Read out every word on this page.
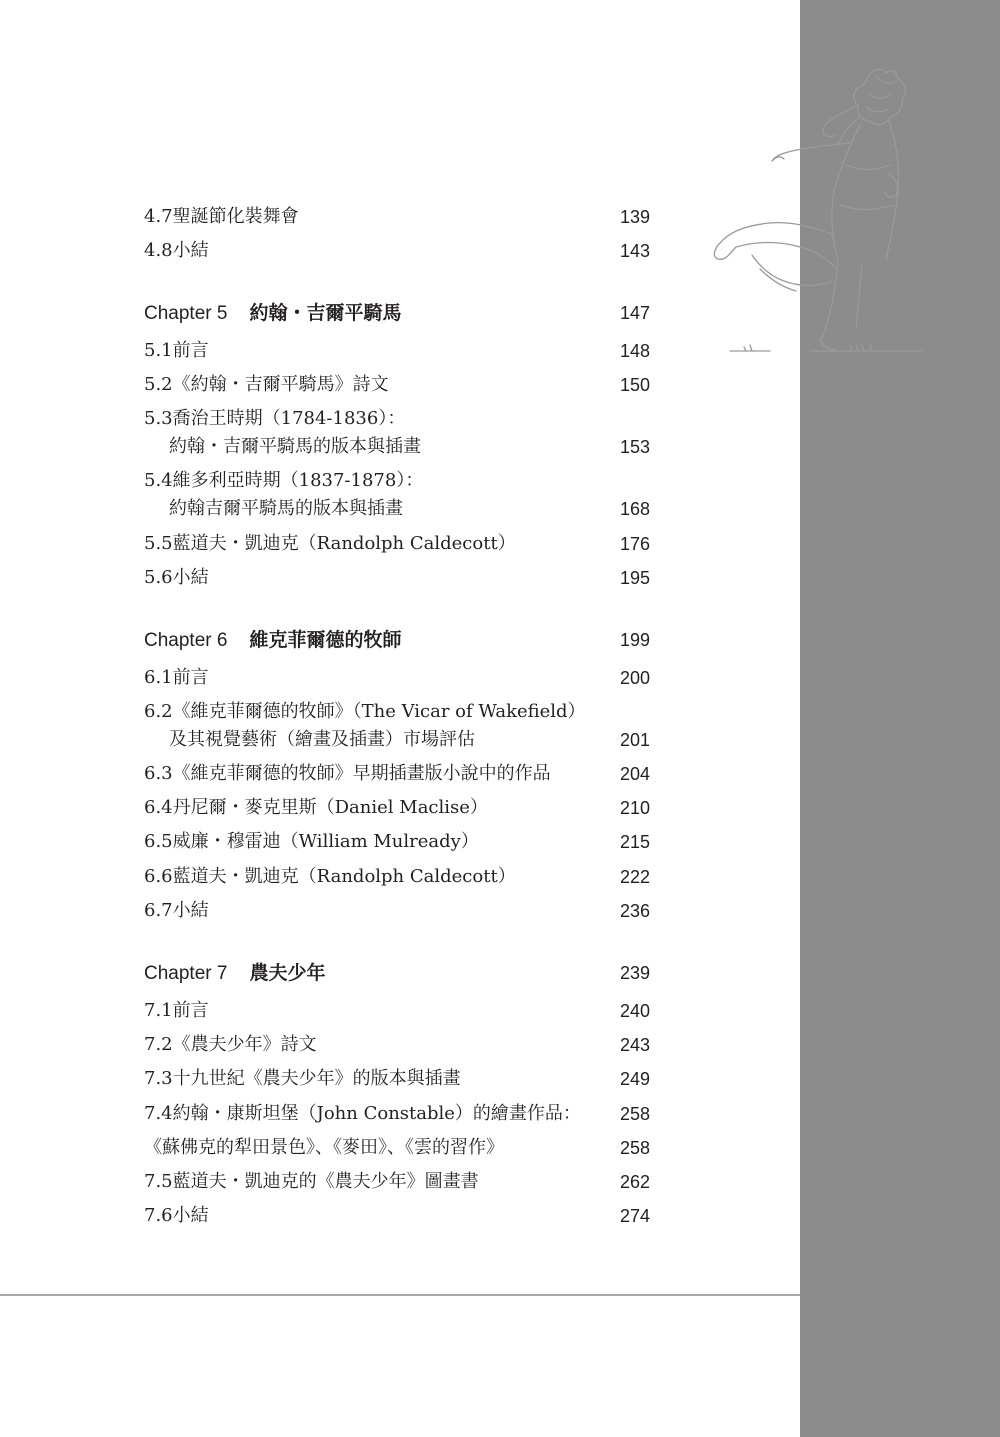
4.7聖誕節化裝舞會	139
4.8小結	143
Chapter 5 約翰・吉爾平騎馬	147
5.1前言	148
5.2《約翰・吉爾平騎馬》詩文	150
5.3喬治王時期（1784-1836）：
約翰・吉爾平騎馬的版本與插畫	153
5.4維多利亞時期（1837-1878）：
約翰吉爾平騎馬的版本與插畫	168
5.5藍道夫・凱迪克（Randolph Caldecott）	176
5.6小結	195
Chapter 6 維克菲爾德的牧師	199
6.1前言	200
6.2《維克菲爾德的牧師》（The Vicar of Wakefield）
及其視覺藝術（繪畫及插畫）市場評估	201
6.3《維克菲爾德的牧師》早期插畫版小說中的作品	204
6.4丹尼爾・麥克里斯（Daniel Maclise）	210
6.5威廉・穆雷迪（William Mulready）	215
6.6藍道夫・凱迪克（Randolph Caldecott）	222
6.7小結	236
Chapter 7 農夫少年	239
7.1前言	240
7.2《農夫少年》詩文	243
7.3十九世紀《農夫少年》的版本與插畫	249
7.4約翰・康斯坦堡（John Constable）的繪畫作品：	258
《蘇佛克的犁田景色》、《麥田》、《雲的習作》	258
7.5藍道夫・凱迪克的《農夫少年》圖畫書	262
7.6小結	274
